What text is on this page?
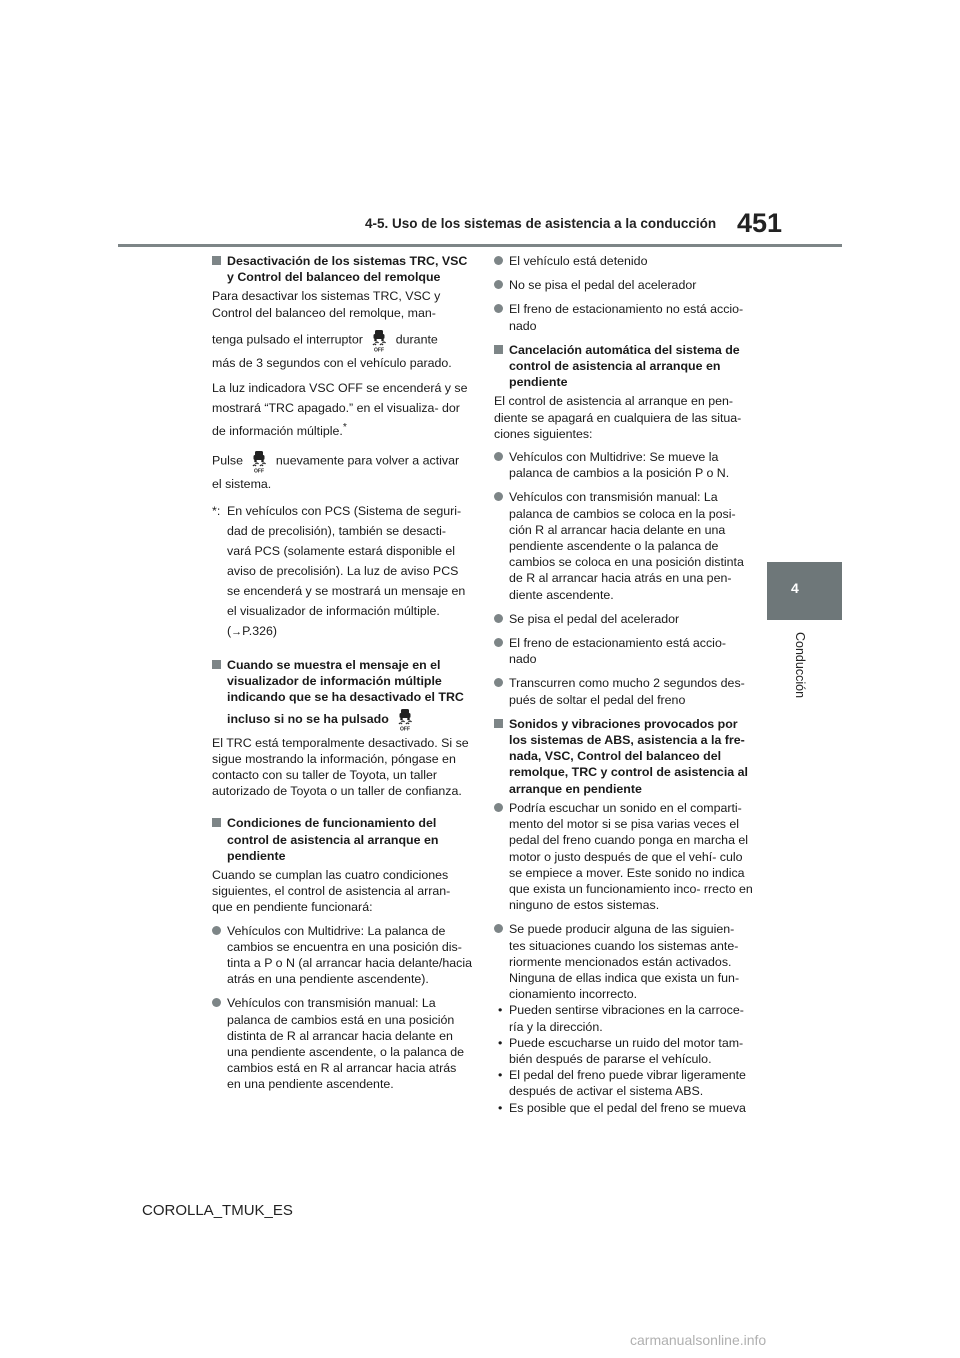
4-5. Uso de los sistemas de asistencia a la conducción 451
4
Conducción
Desactivación de los sistemas TRC, VSC y Control del balanceo del remolque
Para desactivar los sistemas TRC, VSC y Control del balanceo del remolque, man-
tenga pulsado el interruptor	durante
más de 3 segundos con el vehículo parado.
La luz indicadora VSC OFF se encenderá y se mostrará “TRC apagado.” en el visualiza- dor de información múltiple.*
Pulse	nuevamente para volver a activar el sistema.
*: En vehículos con PCS (Sistema de seguri- dad de precolisión), también se desacti- vará PCS (solamente estará disponible el aviso de precolisión). La luz de aviso PCS se encenderá y se mostrará un mensaje en el visualizador de información múltiple.
(→P.326)
Cuando se muestra el mensaje en el visualizador de información múltiple indicando que se ha desactivado el TRC
incluso si no se ha pulsado
El TRC está temporalmente desactivado. Si se sigue mostrando la información, póngase en contacto con su taller de Toyota, un taller autorizado de Toyota o un taller de confianza.
Condiciones de funcionamiento del control de asistencia al arranque en pendiente
Cuando se cumplan las cuatro condiciones siguientes, el control de asistencia al arran- que en pendiente funcionará:
Vehículos con Multidrive: La palanca de cambios se encuentra en una posición dis- tinta a P o N (al arrancar hacia delante/hacia atrás en una pendiente ascendente).
Vehículos con transmisión manual: La palanca de cambios está en una posición distinta de R al arrancar hacia delante en una pendiente ascendente, o la palanca de cambios está en R al arrancar hacia atrás en una pendiente ascendente.
El vehículo está detenido
No se pisa el pedal del acelerador
El freno de estacionamiento no está accio- nado
Cancelación automática del sistema de control de asistencia al arranque en pendiente
El control de asistencia al arranque en pen- diente se apagará en cualquiera de las situa- ciones siguientes:
Vehículos con Multidrive: Se mueve la palanca de cambios a la posición P o N.
Vehículos con transmisión manual: La palanca de cambios se coloca en la posi- ción R al arrancar hacia delante en una pendiente ascendente o la palanca de cambios se coloca en una posición distinta de R al arrancar hacia atrás en una pen- diente ascendente.
Se pisa el pedal del acelerador
El freno de estacionamiento está accio- nado
Transcurren como mucho 2 segundos des- pués de soltar el pedal del freno
Sonidos y vibraciones provocados por los sistemas de ABS, asistencia a la fre- nada, VSC, Control del balanceo del remolque, TRC y control de asistencia al arranque en pendiente
Podría escuchar un sonido en el comparti- mento del motor si se pisa varias veces el pedal del freno cuando ponga en marcha el motor o justo después de que el vehí- culo se empiece a mover. Este sonido no indica que exista un funcionamiento inco- rrecto en ninguno de estos sistemas.
Se puede producir alguna de las siguien- tes situaciones cuando los sistemas ante- riormente mencionados están activados. Ninguna de ellas indica que exista un fun- cionamiento incorrecto.
• Pueden sentirse vibraciones en la carroce- ría y la dirección.
• Puede escucharse un ruido del motor tam- bién después de pararse el vehículo.
• El pedal del freno puede vibrar ligeramente después de activar el sistema ABS.
• Es posible que el pedal del freno se mueva
COROLLA_TMUK_ES
carmanualsonline.info
